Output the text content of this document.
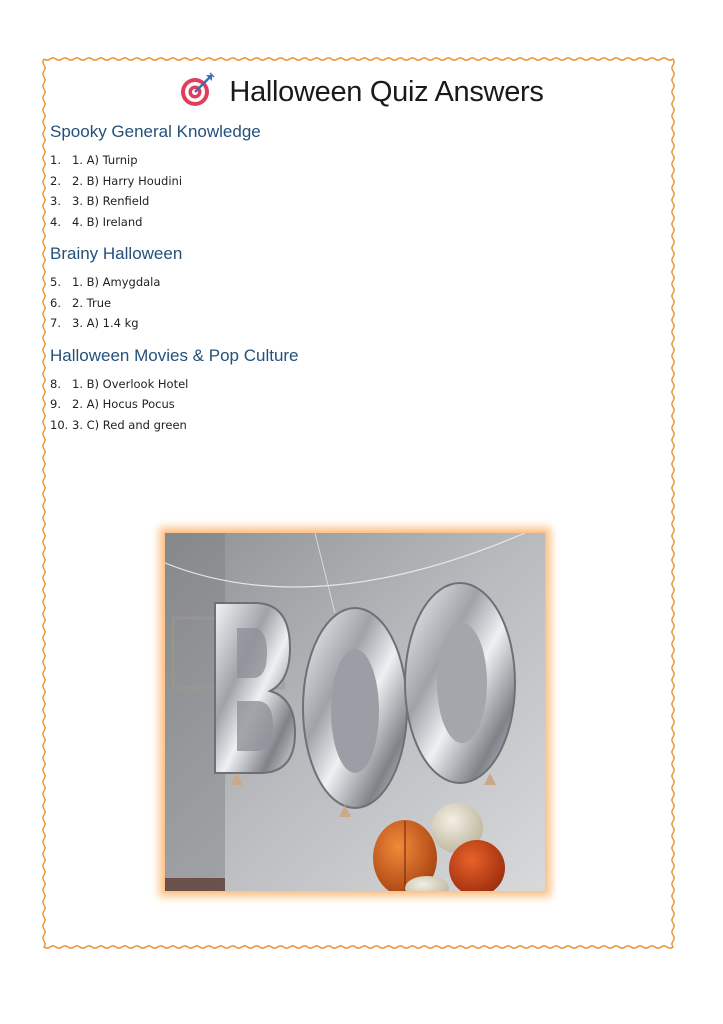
Halloween Quiz Answers
Spooky General Knowledge
1. 1. A) Turnip
2. 2. B) Harry Houdini
3. 3. B) Renfield
4. 4. B) Ireland
Brainy Halloween
5. 1. B) Amygdala
6. 2. True
7. 3. A) 1.4 kg
Halloween Movies & Pop Culture
8. 1. B) Overlook Hotel
9. 2. A) Hocus Pocus
10. 3. C) Red and green
